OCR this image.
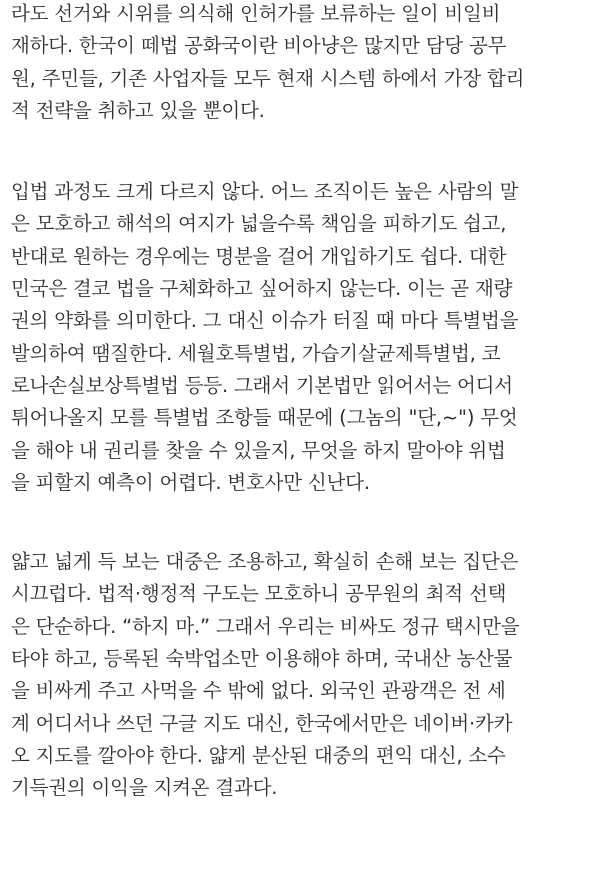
라도 선거와 시위를 의식해 인허가를 보류하는 일이 비일비
재하다. 한국이 떼법 공화국이란 비아냥은 많지만 담당 공무
원, 주민들, 기존 사업자들 모두 현재 시스템 하에서 가장 합리
적 전략을 취하고 있을 뿐이다.

입법 과정도 크게 다르지 않다. 어느 조직이든 높은 사람의 말
은 모호하고 해석의 여지가 넓을수록 책임을 피하기도 쉽고,
반대로 원하는 경우에는 명분을 걸어 개입하기도 쉽다. 대한
민국은 결코 법을 구체화하고 싶어하지 않는다. 이는 곧 재량
권의 약화를 의미한다. 그 대신 이슈가 터질 때 마다 특별법을
발의하여 땜질한다. 세월호특별법, 가습기살균제특별법, 코
로나손실보상특별법 등등. 그래서 기본법만 읽어서는 어디서
튀어나올지 모를 특별법 조항들 때문에 (그놈의 "단,~") 무엇
을 해야 내 권리를 찾을 수 있을지, 무엇을 하지 말아야 위법
을 피할지 예측이 어렵다. 변호사만 신난다.

얇고 넓게 득 보는 대중은 조용하고, 확실히 손해 보는 집단은
시끄럽다. 법적·행정적 구도는 모호하니 공무원의 최적 선택
은 단순하다. “하지 마.” 그래서 우리는 비싸도 정규 택시만을
타야 하고, 등록된 숙박업소만 이용해야 하며, 국내산 농산물
을 비싸게 주고 사먹을 수 밖에 없다. 외국인 관광객은 전 세
계 어디서나 쓰던 구글 지도 대신, 한국에서만은 네이버·카카
오 지도를 깔아야 한다. 얇게 분산된 대중의 편익 대신, 소수
기득권의 이익을 지켜온 결과다.
